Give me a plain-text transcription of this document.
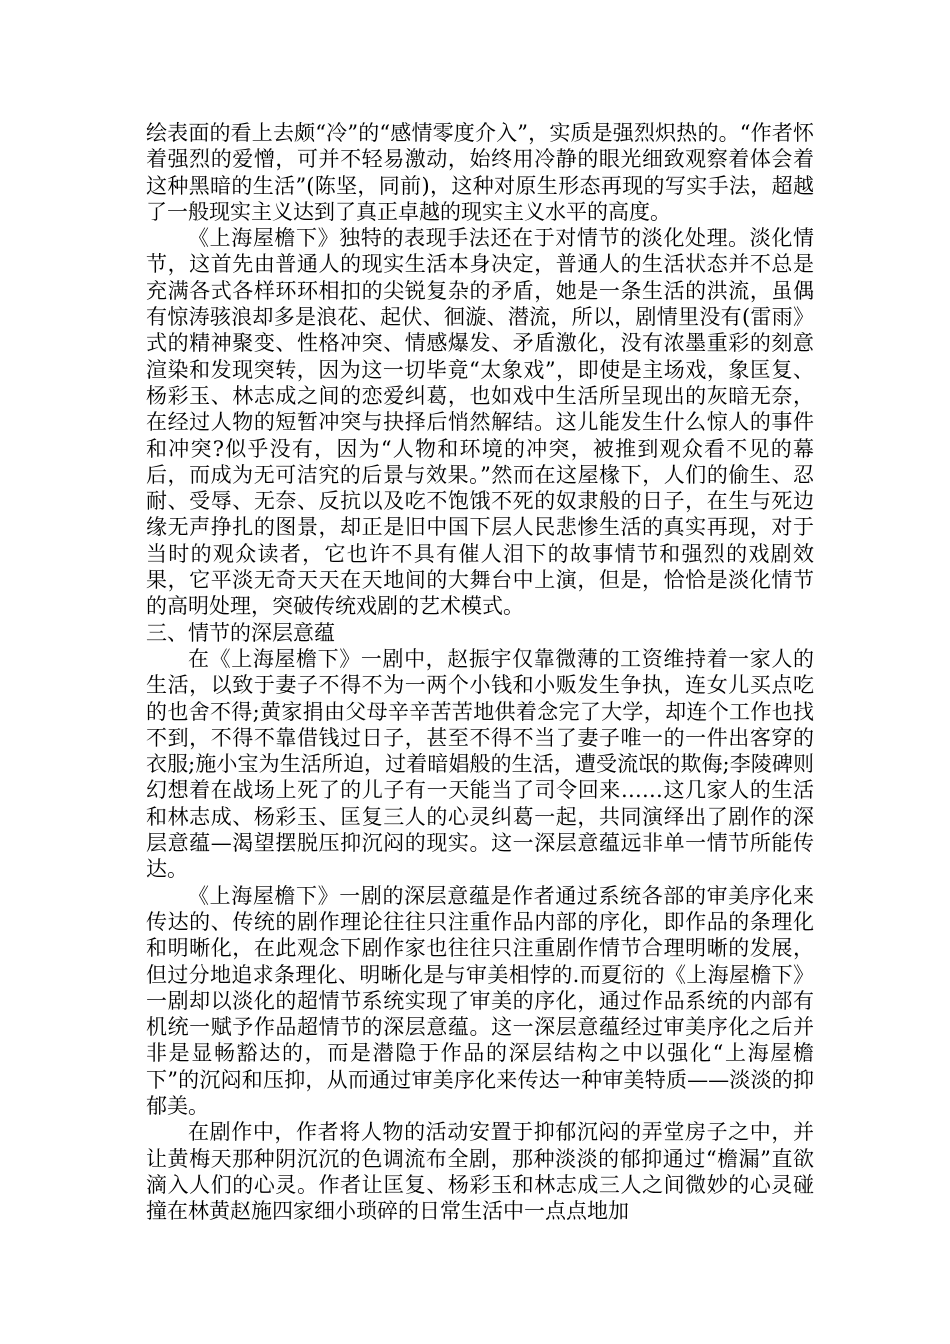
绘表面的看上去颇“冷”的“感情零度介入”，实质是强烈炽热的。“作者怀着强烈的爱憎，可并不轻易激动，始终用冷静的眼光细致观察着体会着这种黑暗的生活”(陈坚，同前)，这种对原生形态再现的写实手法，超越了一般现实主义达到了真正卓越的现实主义水平的高度。

《上海屋檐下》独特的表现手法还在于对情节的淡化处理。淡化情节，这首先由普通人的现实生活本身决定，普通人的生活状态并不总是充满各式各样环环相扣的尖锐复杂的矛盾，她是一条生活的洪流，虽偶有惊涛骇浪却多是浪花、起伏、徊漩、潜流，所以，剧情里没有(雷雨》式的精神聚变、性格冲突、情感爆发、矛盾激化，没有浓墨重彩的刻意渲染和发现突转，因为这一切毕竟“太象戏”，即使是主场戏，象匡复、杨彩玉、林志成之间的恋爱纠葛，也如戏中生活所呈现出的灰暗无奈，在经过人物的短暂冲突与抉择后悄然解结。这儿能发生什么惊人的事件和冲突?似乎没有，因为“人物和环境的冲突，被推到观众看不见的幕后，而成为无可洁究的后景与效果。”然而在这屋椽下，人们的偷生、忍耐、受辱、无奈、反抗以及吃不饱饿不死的奴隶般的日子，在生与死边缘无声挣扎的图景，却正是旧中国下层人民悲惨生活的真实再现，对于当时的观众读者，它也许不具有催人泪下的故事情节和强烈的戏剧效果，它平淡无奇天天在天地间的大舞台中上演，但是，恰恰是淡化情节的高明处理，突破传统戏剧的艺术模式。

三、情节的深层意蕴

在《上海屋檐下》一剧中，赵振宇仅靠微薄的工资维持着一家人的生活，以致于妻子不得不为一两个小钱和小贩发生争执，连女儿买点吃的也舍不得;黄家捐由父母辛辛苦苦地供着念完了大学，却连个工作也找不到，不得不靠借钱过日子，甚至不得不当了妻子唯一的一件出客穿的衣服;施小宝为生活所迫，过着暗娼般的生活，遭受流氓的欺侮;李陵碑则幻想着在战场上死了的儿子有一天能当了司令回来……这几家人的生活和林志成、杨彩玉、匡复三人的心灵纠葛一起，共同演绎出了剧作的深层意蕴—渴望摆脱压抑沉闷的现实。这一深层意蕴远非单一情节所能传达。

《上海屋檐下》一剧的深层意蕴是作者通过系统各部的审美序化来传达的、传统的剧作理论往往只注重作品内部的序化，即作品的条理化和明晰化，在此观念下剧作家也往往只注重剧作情节合理明晰的发展，但过分地追求条理化、明晰化是与审美相悖的.而夏衍的《上海屋檐下》一剧却以淡化的超情节系统实现了审美的序化，通过作品系统的内部有机统一赋予作品超情节的深层意蕴。这一深层意蕴经过审美序化之后并非是显畅豁达的，而是潜隐于作品的深层结构之中以强化“上海屋檐下”的沉闷和压抑，从而通过审美序化来传达一种审美特质——淡淡的抑郁美。

在剧作中，作者将人物的活动安置于抑郁沉闷的弄堂房子之中，并让黄梅天那种阴沉沉的色调流布全剧，那种淡淡的郁抑通过“檐漏”直欲滴入人们的心灵。作者让匡复、杨彩玉和林志成三人之间微妙的心灵碰撞在林黄赵施四家细小琐碎的日常生活中一点点地加
